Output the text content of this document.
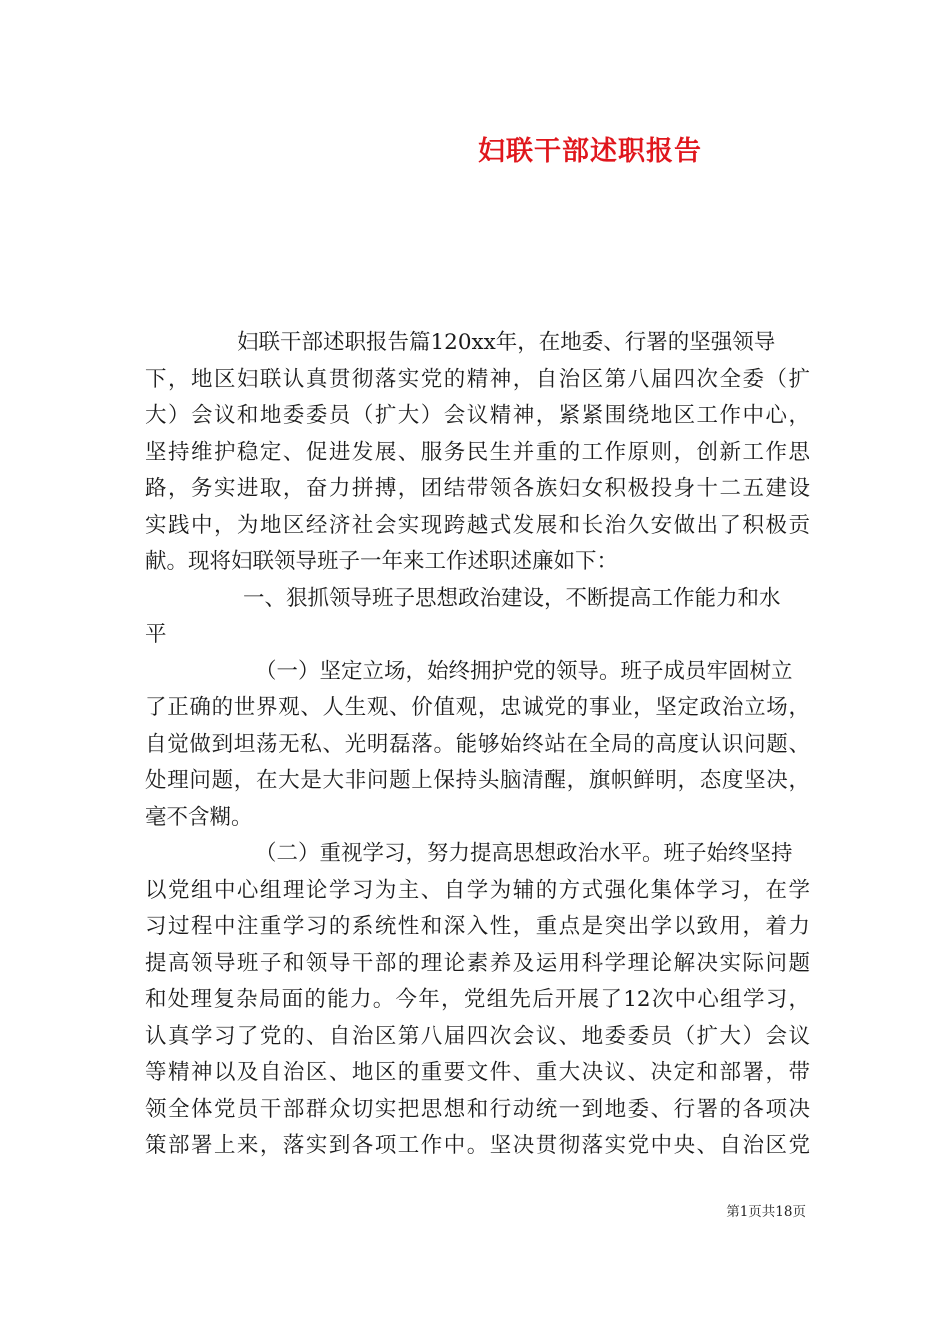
妇联干部述职报告
妇联干部述职报告篇120xx年，在地委、行署的坚强领导
下，地区妇联认真贯彻落实党的精神，自治区第八届四次全委（扩
大）会议和地委委员（扩大）会议精神，紧紧围绕地区工作中心，
坚持维护稳定、促进发展、服务民生并重的工作原则，创新工作思
路，务实进取，奋力拼搏，团结带领各族妇女积极投身十二五建设
实践中，为地区经济社会实现跨越式发展和长治久安做出了积极贡
献。现将妇联领导班子一年来工作述职述廉如下：
一、狠抓领导班子思想政治建设，不断提高工作能力和水
平
（一）坚定立场，始终拥护党的领导。班子成员牢固树立
了正确的世界观、人生观、价值观，忠诚党的事业，坚定政治立场，
自觉做到坦荡无私、光明磊落。能够始终站在全局的高度认识问题、
处理问题，在大是大非问题上保持头脑清醒，旗帜鲜明，态度坚决，
毫不含糊。
（二）重视学习，努力提高思想政治水平。班子始终坚持
以党组中心组理论学习为主、自学为辅的方式强化集体学习，在学
习过程中注重学习的系统性和深入性，重点是突出学以致用，着力
提高领导班子和领导干部的理论素养及运用科学理论解决实际问题
和处理复杂局面的能力。今年，党组先后开展了12次中心组学习，
认真学习了党的、自治区第八届四次会议、地委委员（扩大）会议
等精神以及自治区、地区的重要文件、重大决议、决定和部署，带
领全体党员干部群众切实把思想和行动统一到地委、行署的各项决
策部署上来，落实到各项工作中。坚决贯彻落实党中央、自治区党
第1页共18页
